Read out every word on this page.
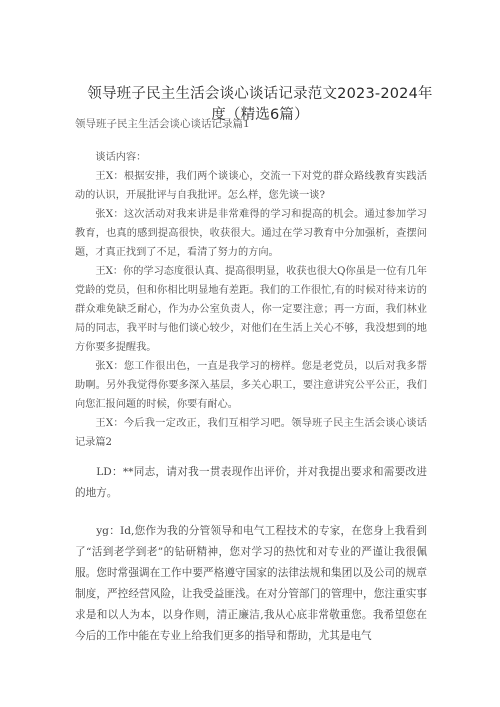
领导班子民主生活会谈心谈话记录范文2023-2024年度（精选6篇）
领导班子民主生活会谈心谈话记录篇1

谈话内容：

王X：根据安排，我们两个谈谈心，交流一下对党的群众路线教育实践活动的认识，开展批评与自我批评。怎么样，您先谈一谈?

张X：这次活动对我来讲是非常难得的学习和提高的机会。通过参加学习教育，也真的感到提高很快，收获很大。通过在学习教育中分加强析，查摆问题，才真正找到了不足，看清了努力的方向。

王X：你的学习态度很认真、提高很明显，收获也很大Q你虽是一位有几年党龄的党员，但和你相比明显地有差距。我们的工作很忙,有的时候对待来访的群众难免缺乏耐心，作为办公室负责人，你一定要注意；再一方面，我们林业局的同志，我平时与他们谈心较少，对他们在生活上关心不够，我没想到的地方你要多提醒我。

张X：您工作很出色，一直是我学习的榜样。您是老党员，以后对我多帮助啊。另外我觉得你要多深入基层，多关心职工，要注意讲究公平公正，我们向您汇报问题的时候，你要有耐心。

王X：今后我一定改正，我们互相学习吧。领导班子民主生活会谈心谈话记录篇2

LD：**同志，请对我一贯表现作出评价，并对我提出要求和需要改进的地方。

yg：Id,您作为我的分管领导和电气工程技术的专家，在您身上我看到了“活到老学到老”的钻研精神，您对学习的热忱和对专业的严谨让我很佩服。您时常强调在工作中要严格遵守国家的法律法规和集团以及公司的规章制度，严控经营风险，让我受益匪浅。在对分管部门的管理中，您注重实事求是和以人为本，以身作则，清正廉洁,我从心底非常敬重您。我希望您在今后的工作中能在专业上给我们更多的指导和帮助，尤其是电气
